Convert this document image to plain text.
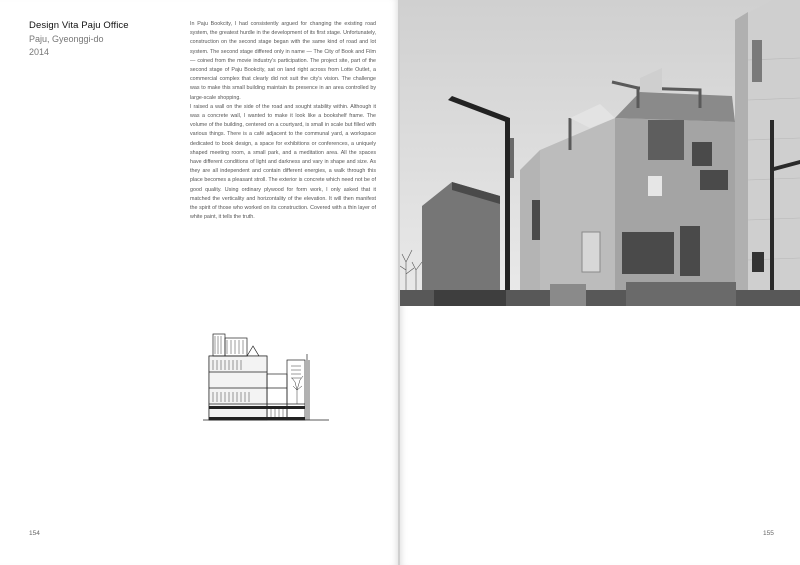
Design Vita Paju Office
Paju, Gyeonggi-do
2014

In Paju Bookcity, I had consistently argued for changing the existing road system, the greatest hurdle in the development of its first stage. Unfortunately, construction on the second stage began with the same kind of road and lot system. The second stage differed only in name — The City of Book and Film — coined from the movie industry's participation. The project site, part of the second stage of Paju Bookcity, sat on land right across from Lotte Outlet, a commercial complex that clearly did not suit the city's vision. The challenge was to make this small building maintain its presence in an area controlled by large-scale shopping.

I raised a wall on the side of the road and sought stability within. Although it was a concrete wall, I wanted to make it look like a bookshelf frame. The volume of the building, centered on a courtyard, is small in scale but filled with various things. There is a café adjacent to the communal yard, a workspace dedicated to book design, a space for exhibitions or conferences, a uniquely shaped meeting room, a small park, and a meditation area. All the spaces have different conditions of light and darkness and vary in shape and size. As they are all independent and contain different energies, a walk through this place becomes a pleasant stroll. The exterior is concrete which need not be of good quality. Using ordinary plywood for form work, I only asked that it matched the verticality and horizontality of the elevation. It will then manifest the spirit of those who worked on its construction. Covered with a thin layer of white paint, it tells the truth.

154	155
